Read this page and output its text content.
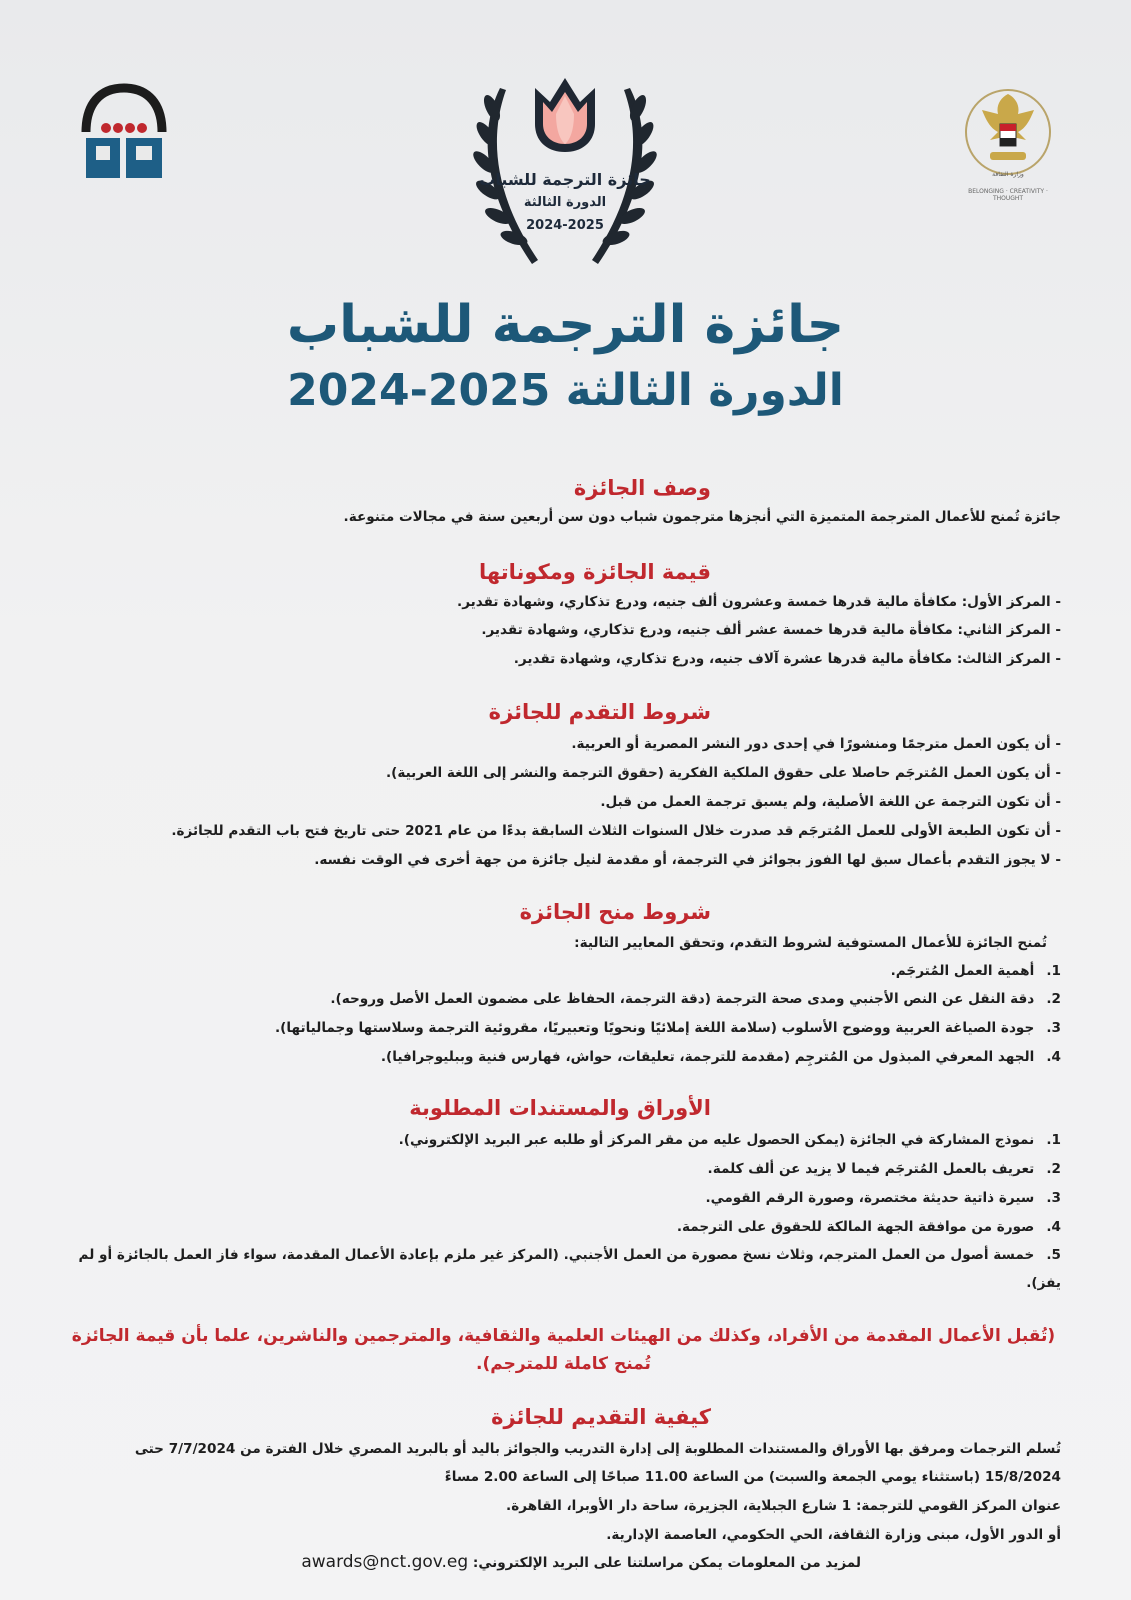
وزارة الثقافة
BELONGING · CREATIVITY · THOUGHT
جائزة الترجمة للشباب
الدورة الثالثة
2024-2025
جائزة الترجمة للشباب
الدورة الثالثة 2025-2024
وصف الجائزة
جائزة تُمنح للأعمال المترجمة المتميزة التي أنجزها مترجمون شباب دون سن أربعين سنة في مجالات متنوعة.
قيمة الجائزة ومكوناتها
- المركز الأول: مكافأة مالية قدرها خمسة وعشرون ألف جنيه، ودرع تذكاري، وشهادة تقدير.
- المركز الثاني: مكافأة مالية قدرها خمسة عشر ألف جنيه، ودرع تذكاري، وشهادة تقدير.
- المركز الثالث: مكافأة مالية قدرها عشرة آلاف جنيه، ودرع تذكاري، وشهادة تقدير.
شروط التقدم للجائزة
- أن يكون العمل مترجمًا ومنشورًا في إحدى دور النشر المصرية أو العربية.
- أن يكون العمل المُترجَم حاصلا على حقوق الملكية الفكرية (حقوق الترجمة والنشر إلى اللغة العربية).
- أن تكون الترجمة عن اللغة الأصلية، ولم يسبق ترجمة العمل من قبل.
- أن تكون الطبعة الأولى للعمل المُترجَم قد صدرت خلال السنوات الثلاث السابقة بدءًا من عام 2021 حتى تاريخ فتح باب التقدم للجائزة.
- لا يجوز التقدم بأعمال سبق لها الفوز بجوائز في الترجمة، أو مقدمة لنيل جائزة من جهة أخرى في الوقت نفسه.
شروط منح الجائزة
تُمنح الجائزة للأعمال المستوفية لشروط التقدم، وتحقق المعايير التالية:
1. أهمية العمل المُترجَم.
2. دقة النقل عن النص الأجنبي ومدى صحة الترجمة (دقة الترجمة، الحفاظ على مضمون العمل الأصل وروحه).
3. جودة الصياغة العربية ووضوح الأسلوب (سلامة اللغة إملائيًا ونحويًا وتعبيريًا، مقروئية الترجمة وسلاستها وجمالياتها).
4. الجهد المعرفي المبذول من المُترجِم (مقدمة للترجمة، تعليقات، حواش، فهارس فنية وببليوجرافيا).
الأوراق والمستندات المطلوبة
1. نموذج المشاركة في الجائزة (يمكن الحصول عليه من مقر المركز أو طلبه عبر البريد الإلكتروني).
2. تعريف بالعمل المُترجَم فيما لا يزيد عن ألف كلمة.
3. سيرة ذاتية حديثة مختصرة، وصورة الرقم القومي.
4. صورة من موافقة الجهة المالكة للحقوق على الترجمة.
5. خمسة أصول من العمل المترجم، وثلاث نسخ مصورة من العمل الأجنبي. (المركز غير ملزم بإعادة الأعمال المقدمة، سواء فاز العمل بالجائزة أو لم يفز).
(تُقبل الأعمال المقدمة من الأفراد، وكذلك من الهيئات العلمية والثقافية، والمترجمين والناشرين، علما بأن قيمة الجائزة تُمنح كاملة للمترجم).
كيفية التقديم للجائزة
تُسلم الترجمات ومرفق بها الأوراق والمستندات المطلوبة إلى إدارة التدريب والجوائز باليد أو بالبريد المصري خلال الفترة من 7/7/2024 حتى
15/8/2024 (باستثناء يومي الجمعة والسبت) من الساعة 11.00 صباحًا إلى الساعة 2.00 مساءً
عنوان المركز القومي للترجمة: 1 شارع الجبلاية، الجزيرة، ساحة دار الأوبرا، القاهرة.
أو الدور الأول، مبنى وزارة الثقافة، الحي الحكومي، العاصمة الإدارية.
لمزيد من المعلومات يمكن مراسلتنا على البريد الإلكتروني: awards@nct.gov.eg
